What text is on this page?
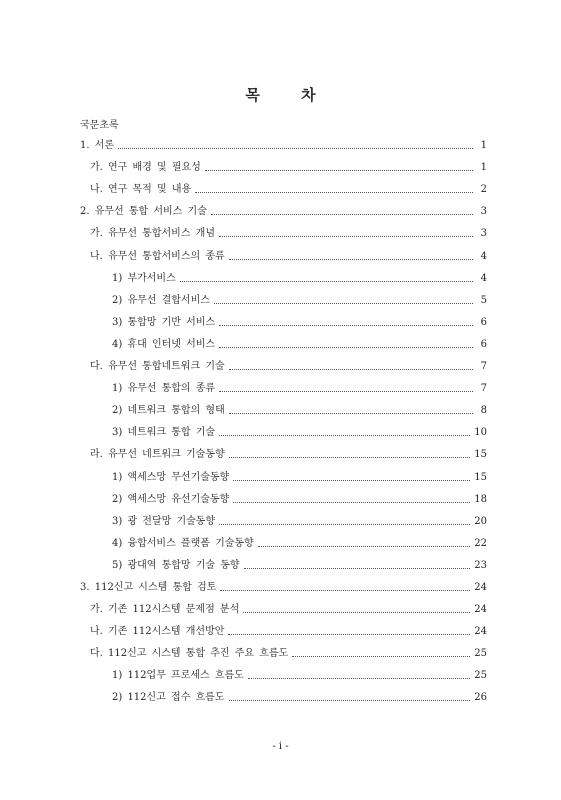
목 차
국문초록
1. 서론	1
가. 연구 배경 및 필요성	1
나. 연구 목적 및 내용	2
2. 유무선 통합 서비스 기술	3
가. 유무선 통합서비스 개념	3
나. 유무선 통합서비스의 종류	4
1) 부가서비스	4
2) 유무선 결합서비스	5
3) 통합망 기반 서비스	6
4) 휴대 인터넷 서비스	6
다. 유무선 통합네트워크 기술	7
1) 유무선 통합의 종류	7
2) 네트워크 통합의 형태	8
3) 네트워크 통합 기술	10
라. 유무선 네트워크 기술동향	15
1) 액세스망 무선기술동향	15
2) 액세스망 유선기술동향	18
3) 광 전달망 기술동향	20
4) 융합서비스 플랫폼 기술동향	22
5) 광대역 통합망 기술 동향	23
3. 112신고 시스템 통합 검토	24
가. 기존 112시스템 문제점 분석	24
나. 기존 112시스템 개선방안	24
다. 112신고 시스템 통합 추진 주요 흐름도	25
1) 112업무 프로세스 흐름도	25
2) 112신고 접수 흐름도	26
- i -
